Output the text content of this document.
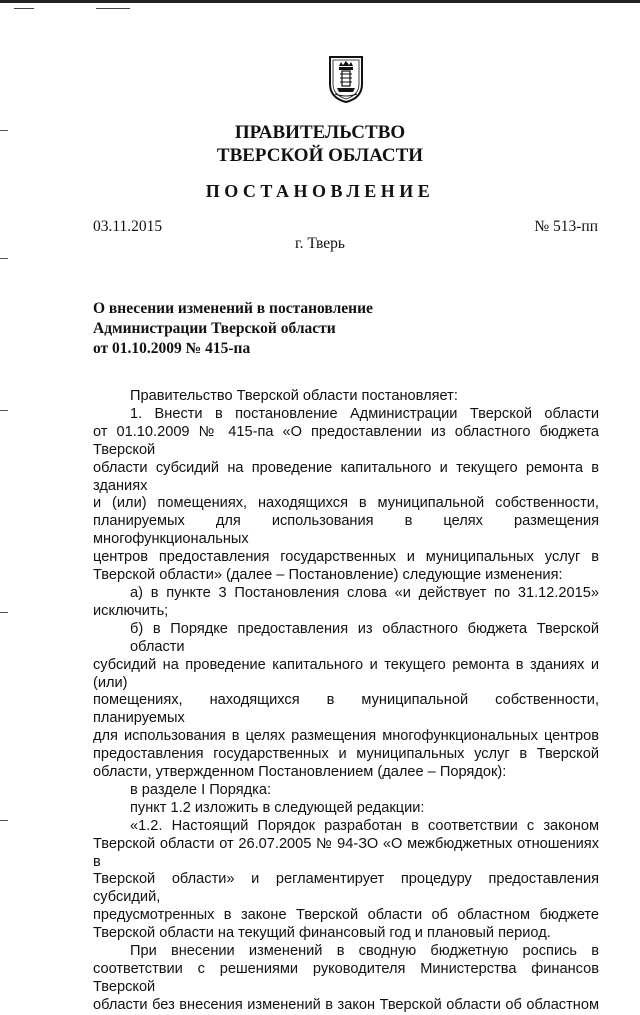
ПРАВИТЕЛЬСТВО
ТВЕРСКОЙ ОБЛАСТИ
ПОСТАНОВЛЕНИЕ
03.11.2015	№ 513-пп
г. Тверь
О внесении изменений в постановление
Администрации Тверской области
от 01.10.2009 № 415-па
Правительство Тверской области постановляет:
1. Внести в постановление Администрации Тверской области
от 01.10.2009 № 415-па «О предоставлении из областного бюджета Тверской
области субсидий на проведение капитального и текущего ремонта в зданиях
и (или) помещениях, находящихся в муниципальной собственности,
планируемых для использования в целях размещения многофункциональных
центров предоставления государственных и муниципальных услуг в
Тверской области» (далее – Постановление) следующие изменения:
а) в пункте 3 Постановления слова «и действует по 31.12.2015»
исключить;
б) в Порядке предоставления из областного бюджета Тверской области
субсидий на проведение капитального и текущего ремонта в зданиях и (или)
помещениях, находящихся в муниципальной собственности, планируемых
для использования в целях размещения многофункциональных центров
предоставления государственных и муниципальных услуг в Тверской
области, утвержденном Постановлением (далее – Порядок):
в разделе I Порядка:
пункт 1.2 изложить в следующей редакции:
«1.2. Настоящий Порядок разработан в соответствии с законом
Тверской области от 26.07.2005 № 94-ЗО «О межбюджетных отношениях в
Тверской области» и регламентирует процедуру предоставления субсидий,
предусмотренных в законе Тверской области об областном бюджете
Тверской области на текущий финансовый год и плановый период.
При внесении изменений в сводную бюджетную роспись в
соответствии с решениями руководителя Министерства финансов Тверской
области без внесения изменений в закон Тверской области об областном
